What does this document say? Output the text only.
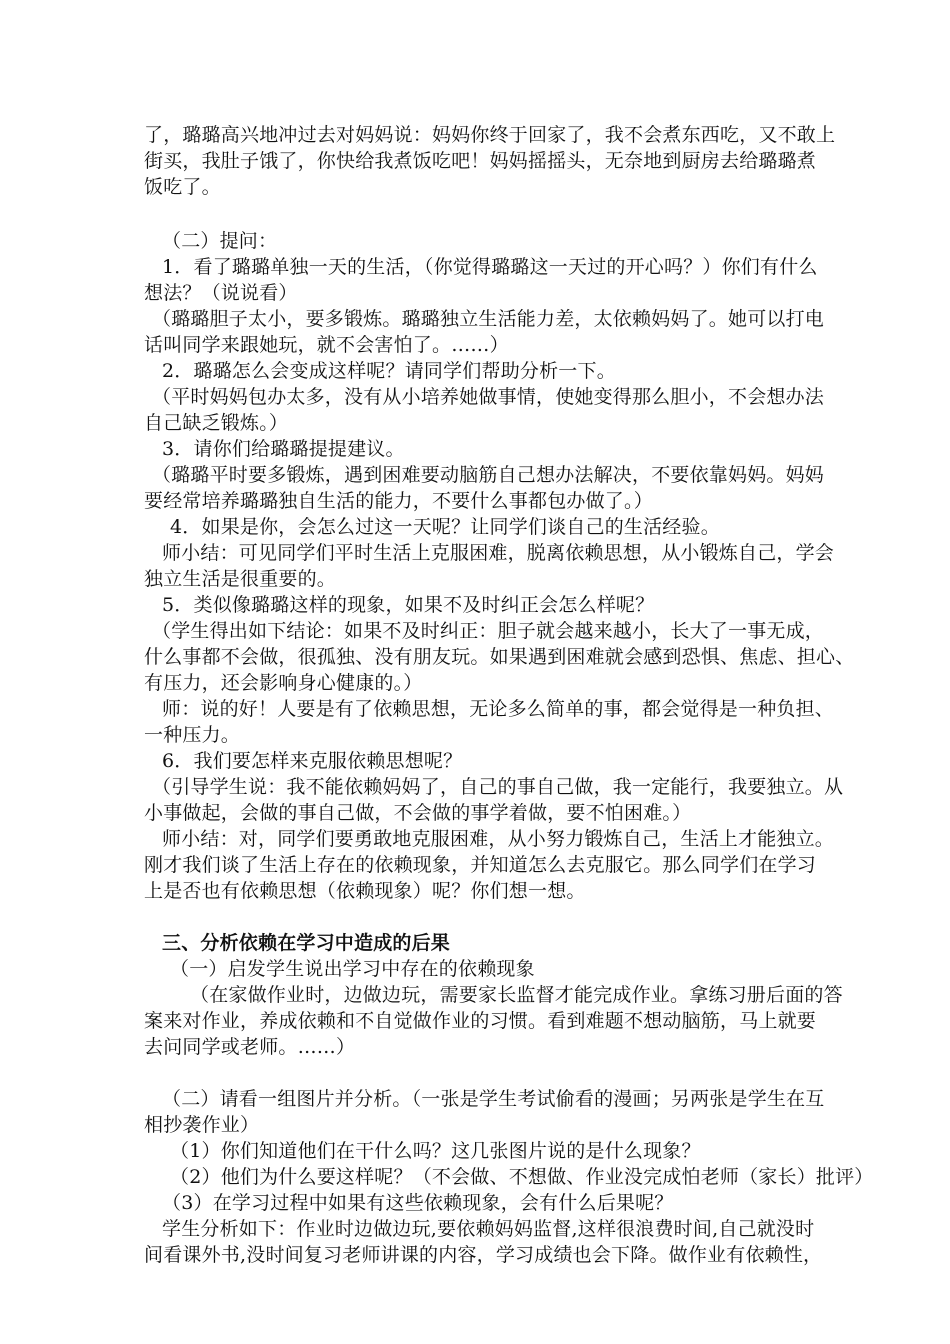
了，璐璐高兴地冲过去对妈妈说：妈妈你终于回家了，我不会煮东西吃，又不敢上
街买，我肚子饿了，你快给我煮饭吃吧！妈妈摇摇头，无奈地到厨房去给璐璐煮
饭吃了。
（二）提问：
1．看了璐璐单独一天的生活，（你觉得璐璐这一天过的开心吗？）你们有什么
想法？（说说看）
（璐璐胆子太小，要多锻炼。璐璐独立生活能力差，太依赖妈妈了。她可以打电
话叫同学来跟她玩，就不会害怕了。……）
2．璐璐怎么会变成这样呢？请同学们帮助分析一下。
（平时妈妈包办太多，没有从小培养她做事情，使她变得那么胆小，不会想办法
自己缺乏锻炼。）
3．请你们给璐璐提提建议。
（璐璐平时要多锻炼，遇到困难要动脑筋自己想办法解决，不要依靠妈妈。妈妈
要经常培养璐璐独自生活的能力，不要什么事都包办做了。）
4．如果是你，会怎么过这一天呢？让同学们谈自己的生活经验。
师小结：可见同学们平时生活上克服困难，脱离依赖思想，从小锻炼自己，学会
独立生活是很重要的。
5．类似像璐璐这样的现象，如果不及时纠正会怎么样呢？
（学生得出如下结论：如果不及时纠正：胆子就会越来越小，长大了一事无成，
什么事都不会做，很孤独、没有朋友玩。如果遇到困难就会感到恐惧、焦虑、担心、
有压力，还会影响身心健康的。）
师：说的好！人要是有了依赖思想，无论多么简单的事，都会觉得是一种负担、
一种压力。
6．我们要怎样来克服依赖思想呢？
（引导学生说：我不能依赖妈妈了，自己的事自己做，我一定能行，我要独立。从
小事做起，会做的事自己做，不会做的事学着做，要不怕困难。）
师小结：对，同学们要勇敢地克服困难，从小努力锻炼自己，生活上才能独立。
刚才我们谈了生活上存在的依赖现象，并知道怎么去克服它。那么同学们在学习
上是否也有依赖思想（依赖现象）呢？你们想一想。
三、分析依赖在学习中造成的后果
（一）启发学生说出学习中存在的依赖现象
（在家做作业时，边做边玩，需要家长监督才能完成作业。拿练习册后面的答
案来对作业，养成依赖和不自觉做作业的习惯。看到难题不想动脑筋，马上就要
去问同学或老师。……）
（二）请看一组图片并分析。（一张是学生考试偷看的漫画；另两张是学生在互
相抄袭作业）
（1）你们知道他们在干什么吗？这几张图片说的是什么现象？
（2）他们为什么要这样呢？（不会做、不想做、作业没完成怕老师（家长）批评）
（3）在学习过程中如果有这些依赖现象，会有什么后果呢？
学生分析如下：作业时边做边玩,要依赖妈妈监督,这样很浪费时间,自己就没时
间看课外书,没时间复习老师讲课的内容，学习成绩也会下降。做作业有依赖性，
